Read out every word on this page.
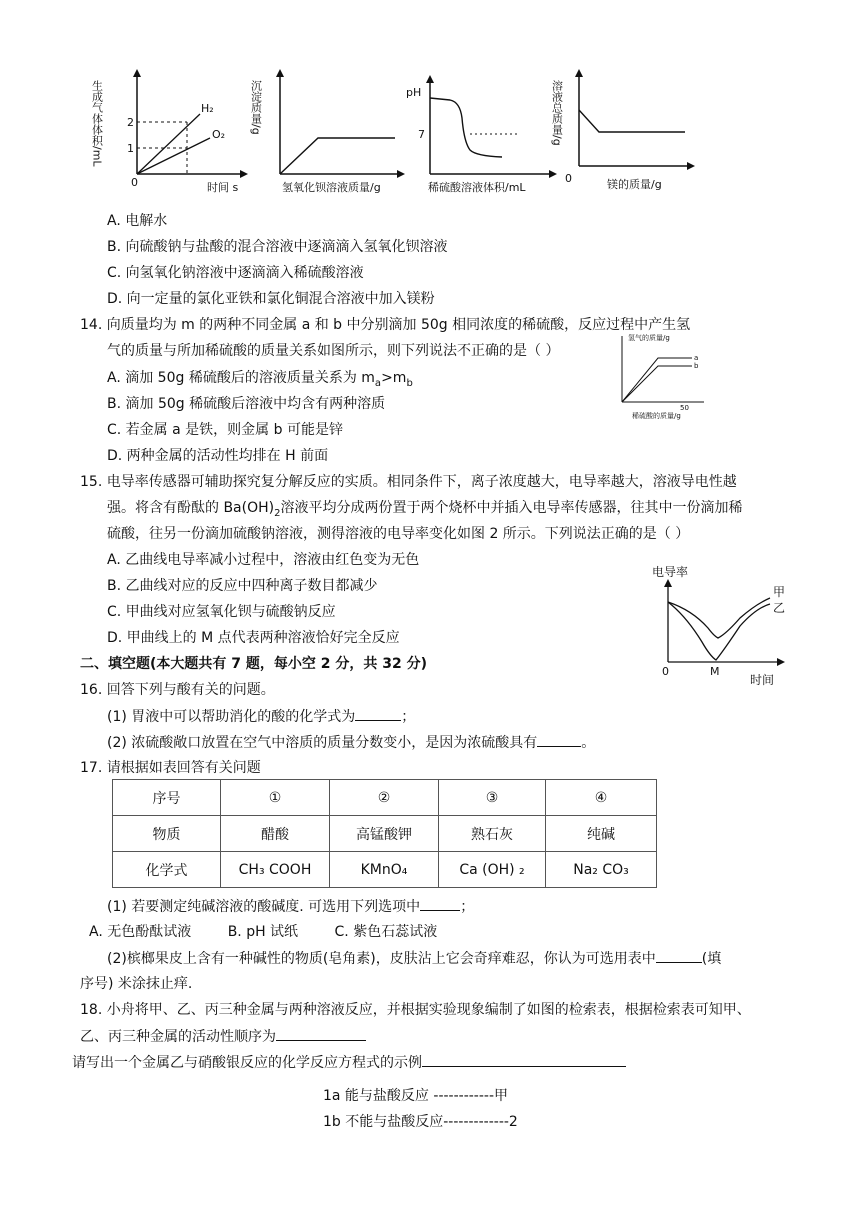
生成气体体积/mL 2
1
0
H₂
O₂
时间 s
沉淀质量/g
氢氧化钡溶液质量/g
pH
7
稀硫酸溶液体积/mL
溶液总质量/g
0	镁的质量/g
A. 电解水
B. 向硫酸钠与盐酸的混合溶液中逐滴滴入氢氧化钡溶液
C. 向氢氧化钠溶液中逐滴滴入稀硫酸溶液
D. 向一定量的氯化亚铁和氯化铜混合溶液中加入镁粉
14. 向质量均为 m 的两种不同金属 a 和 b 中分别滴加 50g 相同浓度的稀硫酸，反应过程中产生氢
气的质量与所加稀硫酸的质量关系如图所示，则下列说法不正确的是（ ）
A. 滴加 50g 稀硫酸后的溶液质量关系为 $m_a>m_b$
B. 滴加 50g 稀硫酸后溶液中均含有两种溶质
C. 若金属 a 是铁，则金属 b 可能是锌
D. 两种金属的活动性均排在 H 前面
氢气的质量/g
a
b
50
稀硫酸的质量/g
15. 电导率传感器可辅助探究复分解反应的实质。相同条件下，离子浓度越大，电导率越大，溶液导电性越
强。将含有酚酞的 $Ba(OH)_2$溶液平均分成两份置于两个烧杯中并插入电导率传感器，往其中一份滴加稀
硫酸，往另一份滴加硫酸钠溶液，测得溶液的电导率变化如图 2 所示。下列说法正确的是（ ）
A. 乙曲线电导率减小过程中，溶液由红色变为无色
B. 乙曲线对应的反应中四种离子数目都减少
C. 甲曲线对应氢氧化钡与硫酸钠反应
D. 甲曲线上的 M 点代表两种溶液恰好完全反应
电导率
甲
乙
0	M
时间
二、填空题(本大题共有 7 题，每小空 2 分，共 32 分)
16. 回答下列与酸有关的问题。
(1) 胃液中可以帮助消化的酸的化学式为	；
(2) 浓硫酸敞口放置在空气中溶质的质量分数变小，是因为浓硫酸具有	。
17. 请根据如表回答有关问题
序号	①	②	③	④
物质	醋酸	高锰酸钾	熟石灰	纯碱
化学式	CH₃ COOH	KMnO₄	Ca (OH) ₂	Na₂ CO₃
(1) 若要测定纯碱溶液的酸碱度. 可选用下列选项中	；
A. 无色酚酞试液	B. pH 试纸	C. 紫色石蕊试液
(2)槟榔果皮上含有一种碱性的物质(皂角素)，皮肤沾上它会奇痒难忍，你认为可选用表中	(填
序号) 米涂抹止痒.
18. 小舟将甲、乙、丙三种金属与两种溶液反应，并根据实验现象编制了如图的检索表，根据检索表可知甲、
乙、丙三种金属的活动性顺序为
请写出一个金属乙与硝酸银反应的化学反应方程式的示例
1a 能与盐酸反应 ------------甲
1b 不能与盐酸反应-------------2
